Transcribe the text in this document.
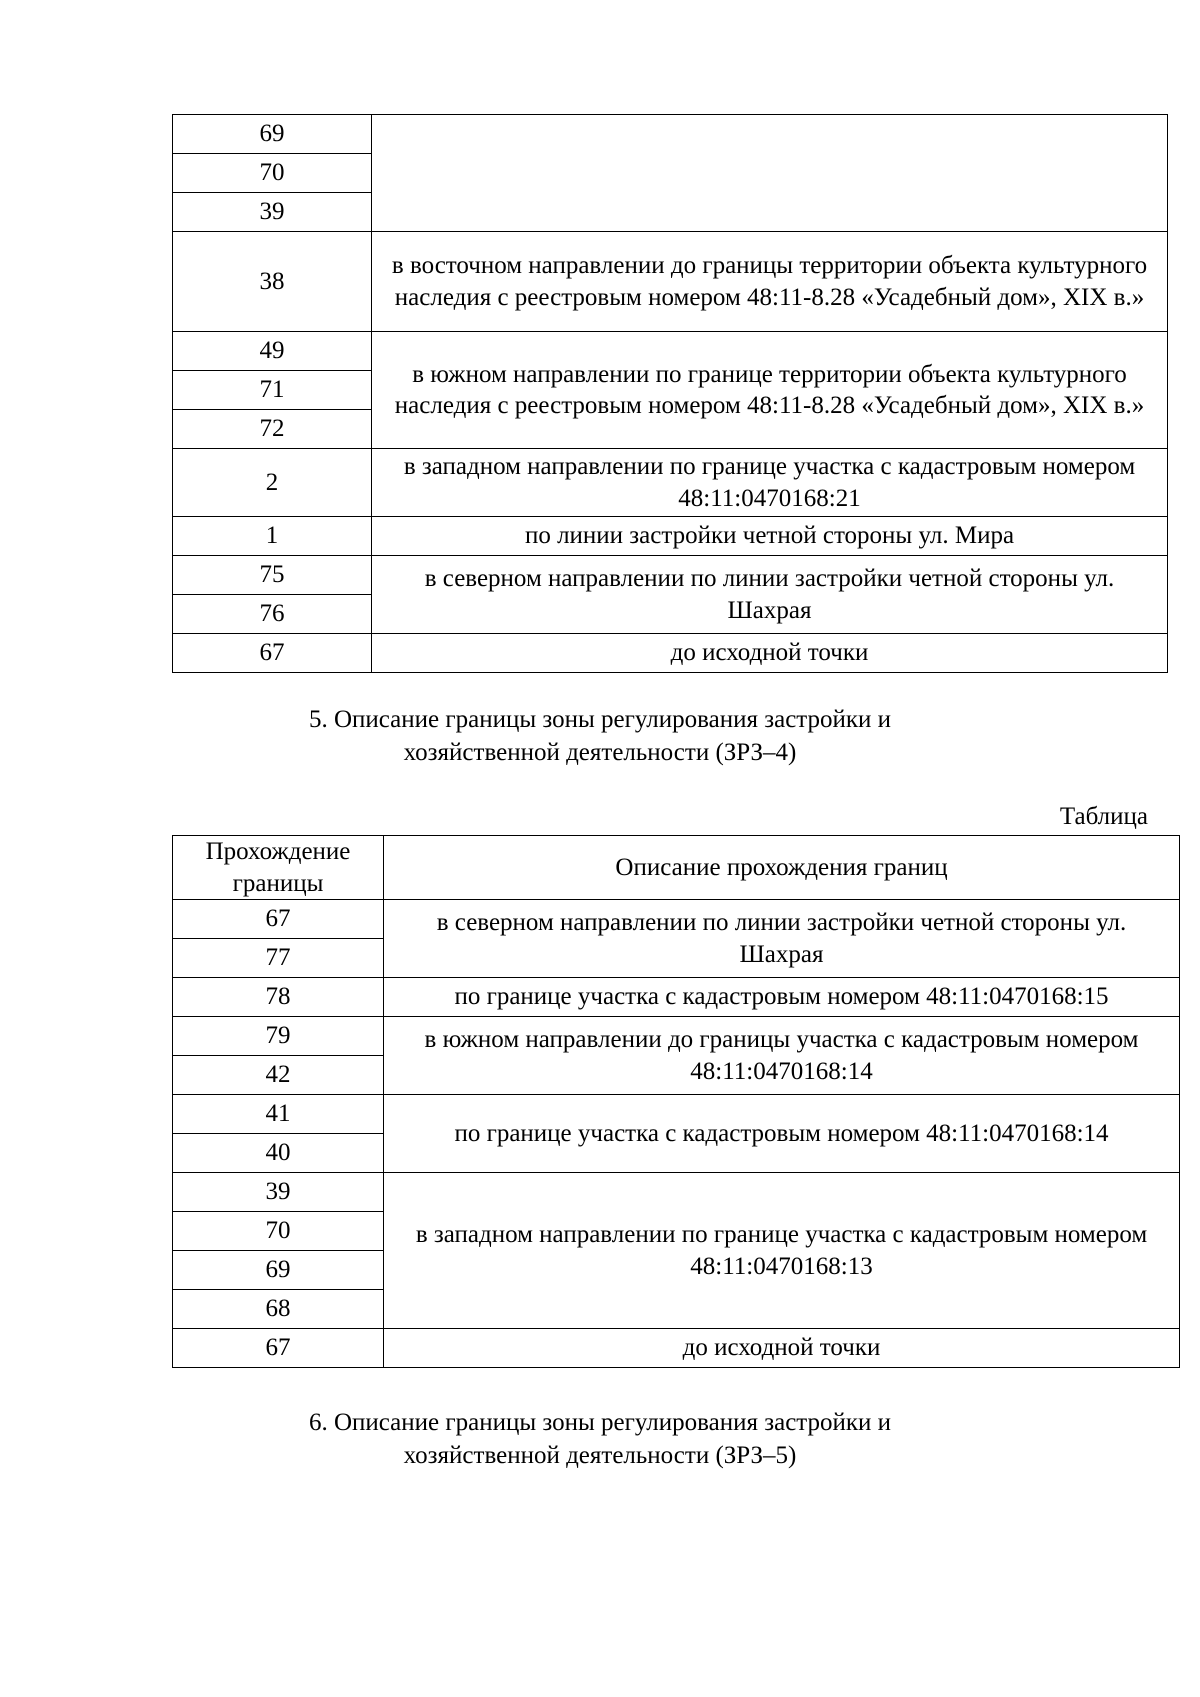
69	
70	
39	
38	в восточном направлении до границы территории объекта культурного наследия с реестровым номером 48:11-8.28 «Усадебный дом», XIX в.»
49	в южном направлении по границе территории объекта культурного наследия с реестровым номером 48:11-8.28 «Усадебный дом», XIX в.»
71	
72	
2	в западном направлении по границе участка с кадастровым номером 48:11:0470168:21
1	по линии застройки четной стороны ул. Мира
75	в северном направлении по линии застройки четной стороны ул. Шахрая
76	
67	до исходной точки
5. Описание границы зоны регулирования застройки и
хозяйственной деятельности (ЗРЗ–4)
Таблица
Прохождение границы	Описание прохождения границ
67	в северном направлении по линии застройки четной стороны ул. Шахрая
77	
78	по границе участка с кадастровым номером 48:11:0470168:15
79	в южном направлении до границы участка с кадастровым номером 48:11:0470168:14
42	
41	по границе участка с кадастровым номером 48:11:0470168:14
40	
39	в западном направлении по границе участка с кадастровым номером 48:11:0470168:13
70	
69	
68	
67	до исходной точки
6. Описание границы зоны регулирования застройки и
хозяйственной деятельности (ЗРЗ–5)
